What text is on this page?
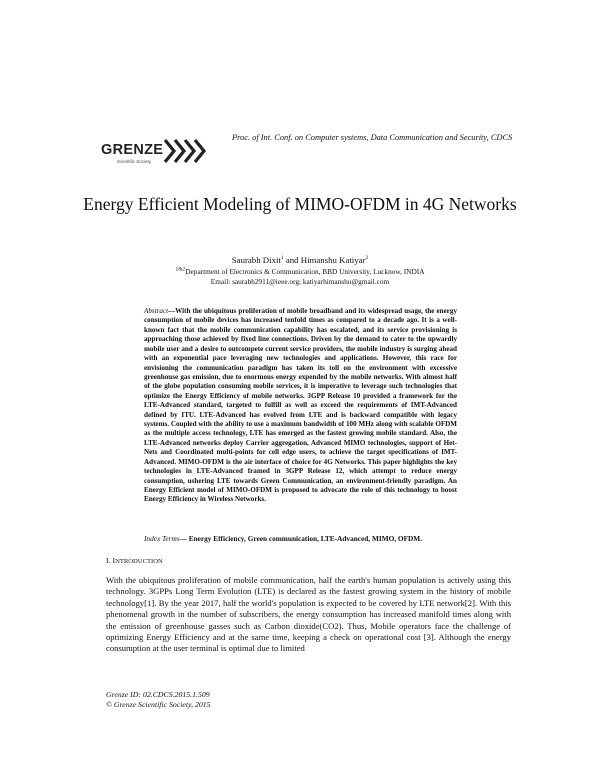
GRENZE
Scientific Society
Proc. of Int. Conf. on Computer systems, Data Communication and Security, CDCS
Energy Efficient Modeling of MIMO-OFDM in 4G Networks
Saurabh Dixit$^1$ and Himanshu Katiyar$^2$
$^{1\&2}$Department of Electronics & Communication, BBD University, Lucknow, INDIA
Email: saurabh2911@ieee.org; katiyarhimanshu@gmail.com
Abstract—With the ubiquitous proliferation of mobile broadband and its widespread usage, the energy consumption of mobile devices has increased tenfold times as compared to a decade ago. It is a well-known fact that the mobile communication capability has escalated, and its service provisioning is approaching those achieved by fixed line connections. Driven by the demand to cater to the upwardly mobile user and a desire to outcompete current service providers, the mobile industry is surging ahead with an exponential pace leveraging new technologies and applications. However, this race for envisioning the communication paradigm has taken its toll on the environment with excessive greenhouse gas emission, due to enormous energy expended by the mobile networks. With almost half of the globe population consuming mobile services, it is imperative to leverage such technologies that optimize the Energy Efficiency of mobile networks. 3GPP Release 10 provided a framework for the LTE-Advanced standard, targeted to fulfill as well as exceed the requirements of IMT-Advanced defined by ITU. LTE-Advanced has evolved from LTE and is backward compatible with legacy systems. Coupled with the ability to use a maximum bandwidth of 100 MHz along with scalable OFDM as the multiple access technology, LTE has emerged as the fastest growing mobile standard. Also, the LTE-Advanced networks deploy Carrier aggregation, Advanced MIMO technologies, support of Het-Nets and Coordinated multi-points for cell edge users, to achieve the target specifications of IMT-Advanced. MIMO-OFDM is the air interface of choice for 4G Networks. This paper highlights the key technologies in LTE-Advanced framed in 3GPP Release 12, which attempt to reduce energy consumption, ushering LTE towards Green Communication, an environment-friendly paradigm. An Energy Efficient model of MIMO-OFDM is proposed to advocate the role of this technology to boost Energy Efficiency in Wireless Networks.
Index Terms— Energy Efficiency, Green communication, LTE-Advanced, MIMO, OFDM.
I. INTRODUCTION
With the ubiquitous proliferation of mobile communication, half the earth's human population is actively using this technology. 3GPPs Long Term Evolution (LTE) is declared as the fastest growing system in the history of mobile technology[1]. By the year 2017, half the world's population is expected to be covered by LTE network[2]. With this phenomenal growth in the number of subscribers, the energy consumption has increased manifold times along with the emission of greenhouse gasses such as Carbon dioxide(CO2). Thus, Mobile operators face the challenge of optimizing Energy Efficiency and at the same time, keeping a check on operational cost [3]. Although the energy consumption at the user terminal is optimal due to limited
Grenze ID: 02.CDCS.2015.1.509
© Grenze Scientific Society, 2015
